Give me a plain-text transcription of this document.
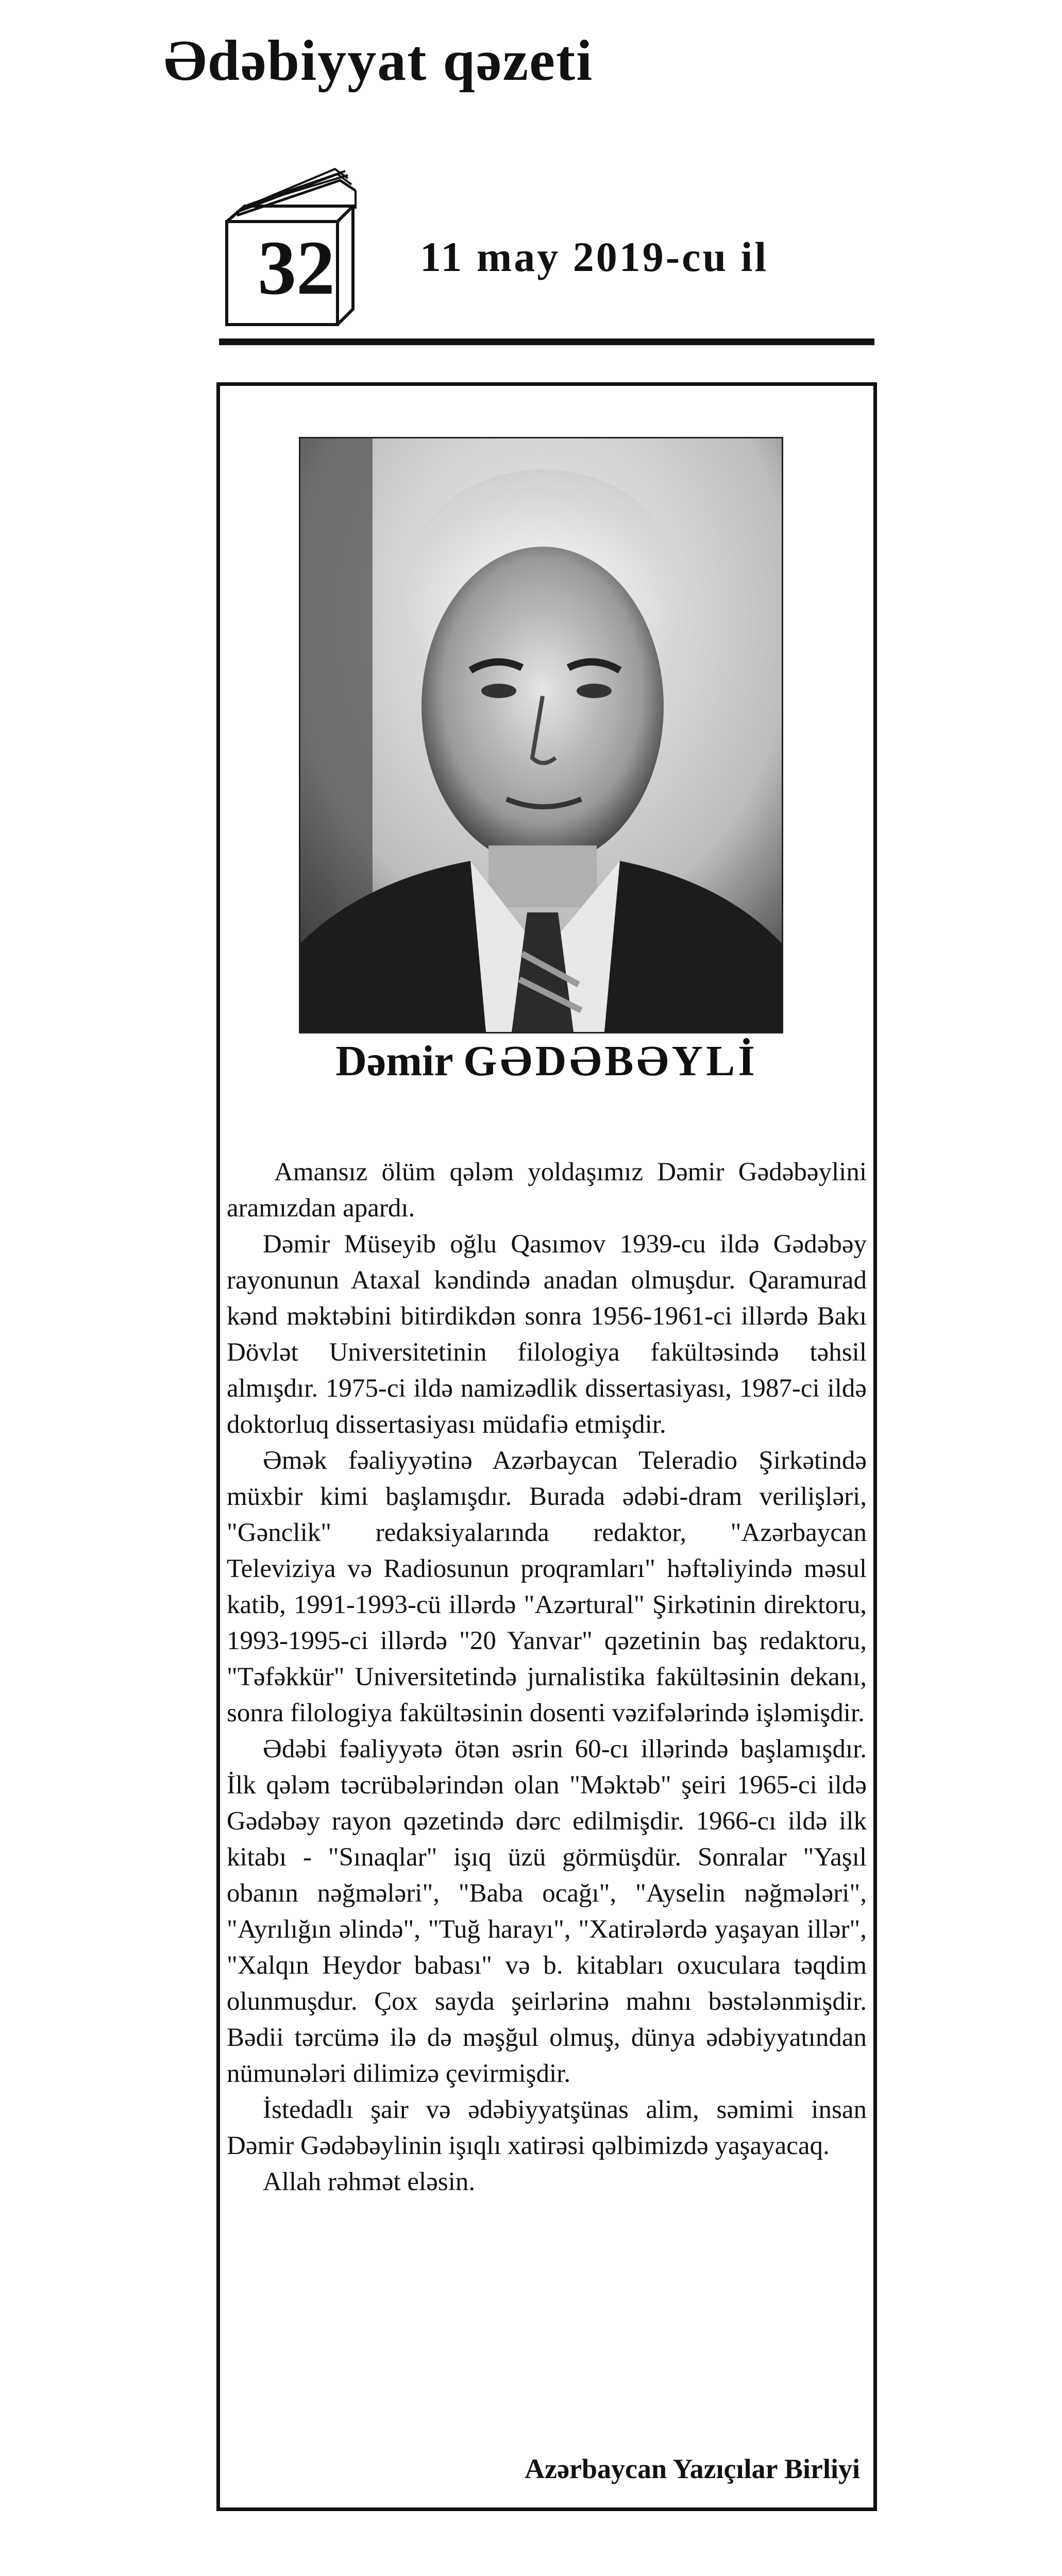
Ədəbiyyat qəzeti
32 11 may 2019-cu il
Dəmir GƏDƏBƏYLİ

Amansız ölüm qələm yoldaşımız Dəmir Gədəbəylini aramızdan apardı.

Dəmir Müseyib oğlu Qasımov 1939-cu ildə Gədəbəy rayonunun Ataxal kəndində anadan olmuşdur. Qaramurad kənd məktəbini bitirdikdən sonra 1956-1961-ci illərdə Bakı Dövlət Universitetinin filologiya fakültəsində təhsil almışdır. 1975-ci ildə namizədlik dissertasiyası, 1987-ci ildə doktorluq dissertasiyası müdafiə etmişdir.

Əmək fəaliyyətinə Azərbaycan Teleradio Şirkətində müxbir kimi başlamışdır. Burada ədəbi-dram verilişləri, "Gənclik" redaksiyalarında redaktor, "Azərbaycan Televiziya və Radiosunun proqramları" həftəliyində məsul katib, 1991-1993-cü illərdə "Azərtural" Şirkətinin direktoru, 1993-1995-ci illərdə "20 Yanvar" qəzetinin baş redaktoru, "Təfəkkür" Universitetində jurnalistika fakültəsinin dekanı, sonra filologiya fakültəsinin dosenti vəzifələrində işləmişdir.

Ədəbi fəaliyyətə ötən əsrin 60-cı illərində başlamışdır. İlk qələm təcrübələrindən olan "Məktəb" şeiri 1965-ci ildə Gədəbəy rayon qəzetində dərc edilmişdir. 1966-cı ildə ilk kitabı - "Sınaqlar" işıq üzü görmüşdür. Sonralar "Yaşıl obanın nəğmələri", "Baba ocağı", "Ayselin nəğmələri", "Ayrılığın əlində", "Tuğ harayı", "Xatirələrdə yaşayan illər", "Xalqın Heydor babası" və b. kitabları oxuculara təqdim olunmuşdur. Çox sayda şeirlərinə mahnı bəstələnmişdir. Bədii tərcümə ilə də məşğul olmuş, dünya ədəbiyyatından nümunələri dilimizə çevirmişdir.

İstedadlı şair və ədəbiyyatşünas alim, səmimi insan Dəmir Gədəbəylinin işıqlı xatirəsi qəlbimizdə yaşayacaq.

Allah rəhmət eləsin.

Azərbaycan Yazıçılar Birliyi
